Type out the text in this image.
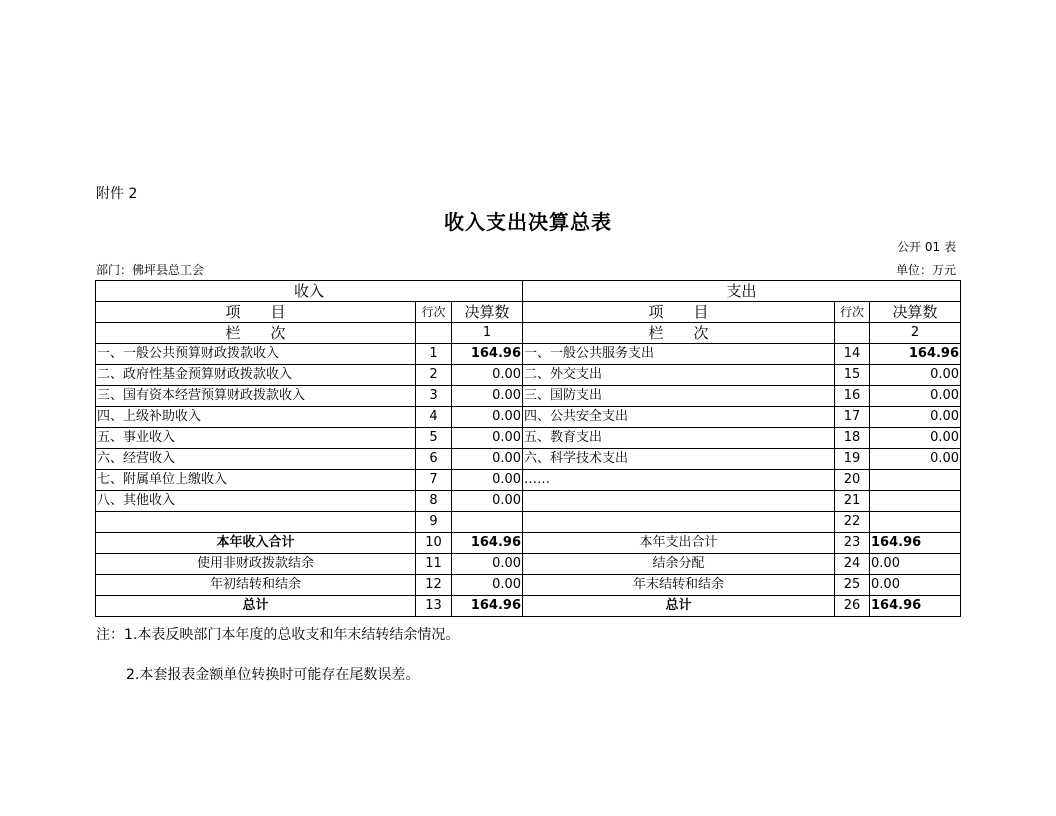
附件 2
收入支出决算总表
公开 01 表
部门：佛坪县总工会	单位：万元
收入			支出		
项　　目	行次	决算数	项　　目	行次	决算数
栏　　次		1	栏　　次		2
一、一般公共预算财政拨款收入	1	164.96	一、一般公共服务支出	14	164.96
二、政府性基金预算财政拨款收入	2	0.00	二、外交支出	15	0.00
三、国有资本经营预算财政拨款收入	3	0.00	三、国防支出	16	0.00
四、上级补助收入	4	0.00	四、公共安全支出	17	0.00
五、事业收入	5	0.00	五、教育支出	18	0.00
六、经营收入	6	0.00	六、科学技术支出	19	0.00
七、附属单位上缴收入	7	0.00	……	20	
八、其他收入	8	0.00		21	
	9			22	
本年收入合计	10	164.96	本年支出合计	23	164.96
使用非财政拨款结余	11	0.00	结余分配	24	0.00
年初结转和结余	12	0.00	年末结转和结余	25	0.00
总计	13	164.96	总计	26	164.96
注：1.本表反映部门本年度的总收支和年末结转结余情况。
2.本套报表金额单位转换时可能存在尾数误差。
